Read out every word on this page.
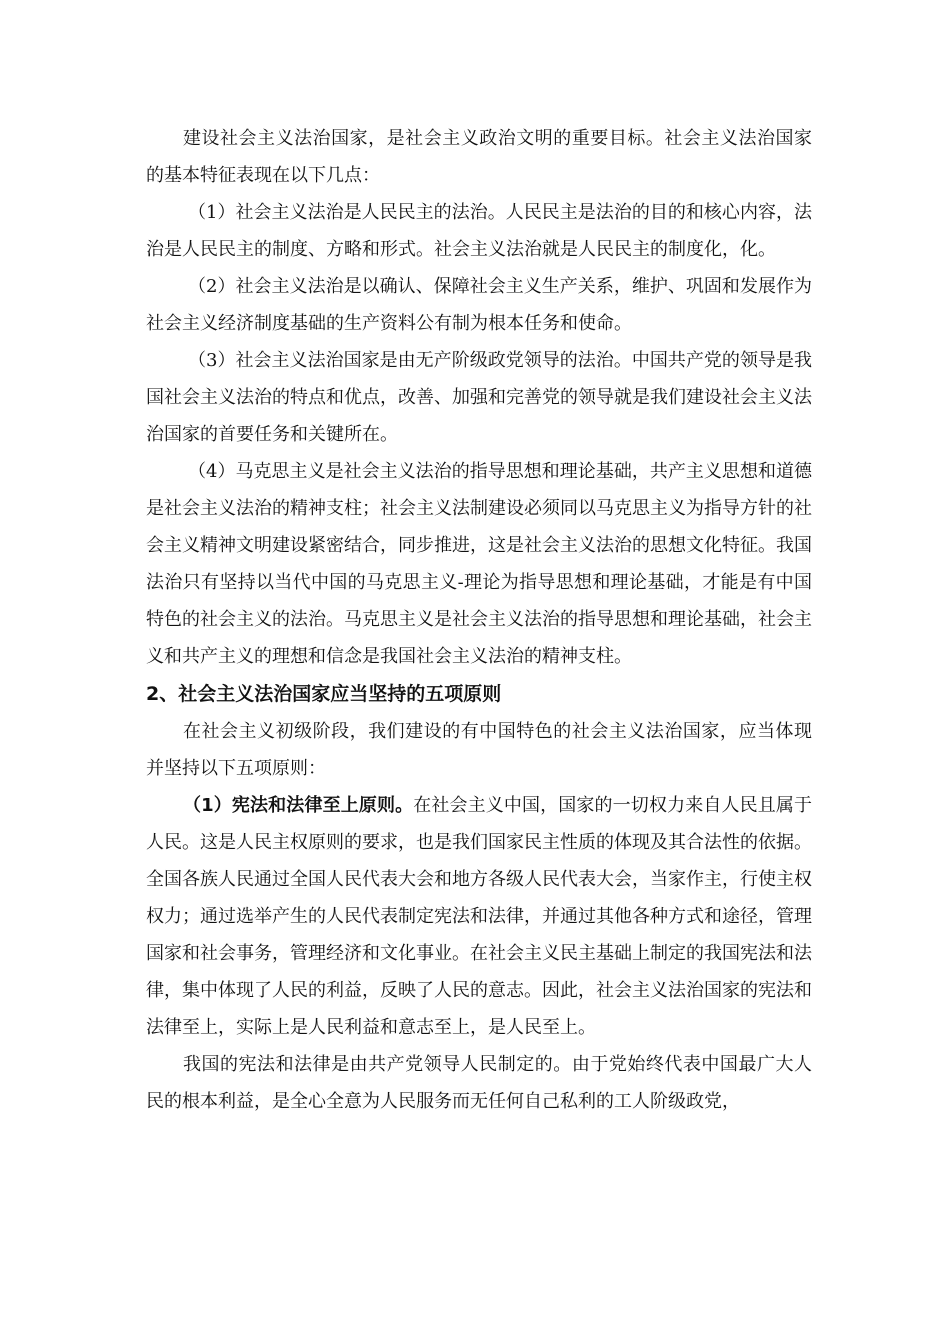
建设社会主义法治国家，是社会主义政治文明的重要目标。社会主义法治国家的基本特征表现在以下几点：

（1）社会主义法治是人民民主的法治。人民民主是法治的目的和核心内容，法治是人民民主的制度、方略和形式。社会主义法治就是人民民主的制度化，化。

（2）社会主义法治是以确认、保障社会主义生产关系，维护、巩固和发展作为社会主义经济制度基础的生产资料公有制为根本任务和使命。

（3）社会主义法治国家是由无产阶级政党领导的法治。中国共产党的领导是我国社会主义法治的特点和优点，改善、加强和完善党的领导就是我们建设社会主义法治国家的首要任务和关键所在。

（4）马克思主义是社会主义法治的指导思想和理论基础，共产主义思想和道德是社会主义法治的精神支柱；社会主义法制建设必须同以马克思主义为指导方针的社会主义精神文明建设紧密结合，同步推进，这是社会主义法治的思想文化特征。我国法治只有坚持以当代中国的马克思主义-理论为指导思想和理论基础，才能是有中国特色的社会主义的法治。马克思主义是社会主义法治的指导思想和理论基础，社会主义和共产主义的理想和信念是我国社会主义法治的精神支柱。

2、社会主义法治国家应当坚持的五项原则

在社会主义初级阶段，我们建设的有中国特色的社会主义法治国家，应当体现并坚持以下五项原则：

（1）宪法和法律至上原则。在社会主义中国，国家的一切权力来自人民且属于人民。这是人民主权原则的要求，也是我们国家民主性质的体现及其合法性的依据。全国各族人民通过全国人民代表大会和地方各级人民代表大会，当家作主，行使主权权力；通过选举产生的人民代表制定宪法和法律，并通过其他各种方式和途径，管理国家和社会事务，管理经济和文化事业。在社会主义民主基础上制定的我国宪法和法律，集中体现了人民的利益，反映了人民的意志。因此，社会主义法治国家的宪法和法律至上，实际上是人民利益和意志至上，是人民至上。

我国的宪法和法律是由共产党领导人民制定的。由于党始终代表中国最广大人民的根本利益，是全心全意为人民服务而无任何自己私利的工人阶级政党，
